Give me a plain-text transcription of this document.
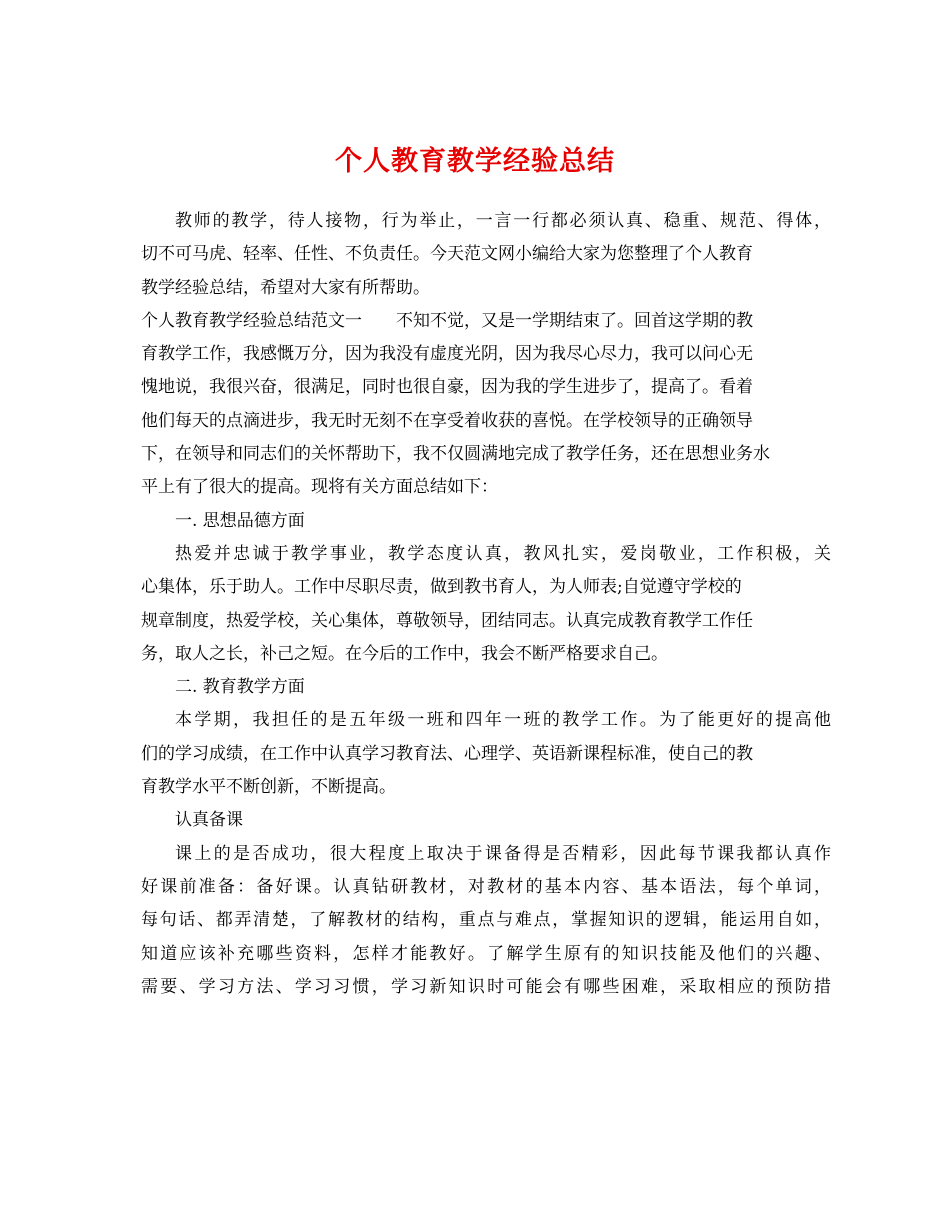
个人教育教学经验总结
教师的教学，待人接物，行为举止，一言一行都必须认真、稳重、规范、得体，
切不可马虎、轻率、任性、不负责任。今天范文网小编给大家为您整理了个人教育
教学经验总结，希望对大家有所帮助。
个人教育教学经验总结范文一　　不知不觉，又是一学期结束了。回首这学期的教
育教学工作，我感慨万分，因为我没有虚度光阴，因为我尽心尽力，我可以问心无
愧地说，我很兴奋，很满足，同时也很自豪，因为我的学生进步了，提高了。看着
他们每天的点滴进步，我无时无刻不在享受着收获的喜悦。在学校领导的正确领导
下，在领导和同志们的关怀帮助下，我不仅圆满地完成了教学任务，还在思想业务水
平上有了很大的提高。现将有关方面总结如下：
一. 思想品德方面
热爱并忠诚于教学事业，教学态度认真，教风扎实，爱岗敬业，工作积极，关
心集体，乐于助人。工作中尽职尽责，做到教书育人，为人师表;自觉遵守学校的
规章制度，热爱学校，关心集体，尊敬领导，团结同志。认真完成教育教学工作任
务，取人之长，补己之短。在今后的工作中，我会不断严格要求自己。
二. 教育教学方面
本学期，我担任的是五年级一班和四年一班的教学工作。为了能更好的提高他
们的学习成绩，在工作中认真学习教育法、心理学、英语新课程标准，使自己的教
育教学水平不断创新，不断提高。
认真备课
课上的是否成功，很大程度上取决于课备得是否精彩，因此每节课我都认真作
好课前准备：备好课。认真钻研教材，对教材的基本内容、基本语法，每个单词，
每句话、都弄清楚，了解教材的结构，重点与难点，掌握知识的逻辑，能运用自如，
知道应该补充哪些资料，怎样才能教好。了解学生原有的知识技能及他们的兴趣、
需要、学习方法、学习习惯，学习新知识时可能会有哪些困难，采取相应的预防措
